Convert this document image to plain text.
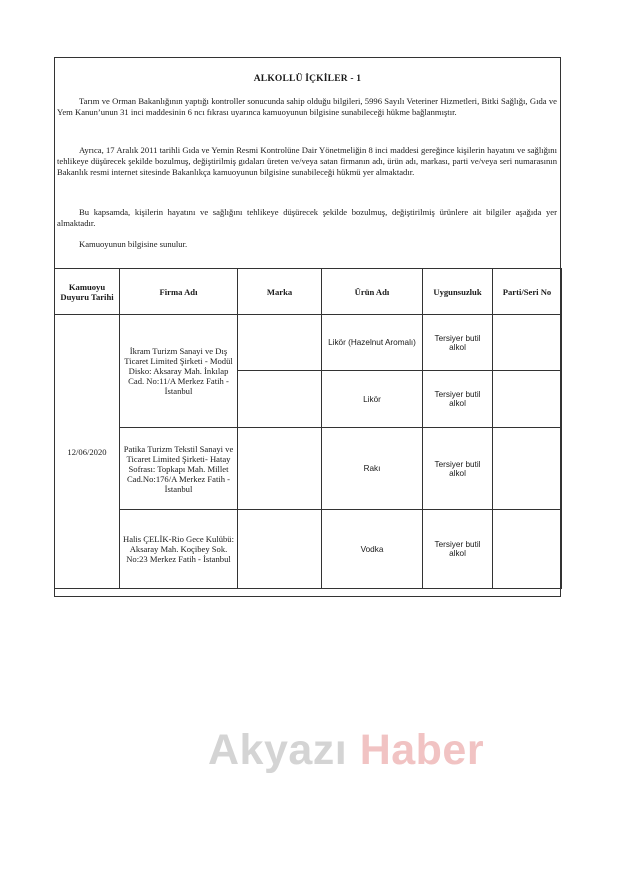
ALKOLLÜ İÇKİLER - 1

Tarım ve Orman Bakanlığının yaptığı kontroller sonucunda sahip olduğu bilgileri, 5996 Sayılı Veteriner Hizmetleri, Bitki Sağlığı, Gıda ve Yem Kanun’unun 31 inci maddesinin 6 ncı fıkrası uyarınca kamuoyunun bilgisine sunabileceği hükme bağlanmıştır.

Ayrıca, 17 Aralık 2011 tarihli Gıda ve Yemin Resmi Kontrolüne Dair Yönetmeliğin 8 inci maddesi gereğince kişilerin hayatını ve sağlığını tehlikeye düşürecek şekilde bozulmuş, değiştirilmiş gıdaları üreten ve/veya satan firmanın adı, ürün adı, markası, parti ve/veya seri numarasının Bakanlık resmi internet sitesinde Bakanlıkça kamuoyunun bilgisine sunabileceği hükmü yer almaktadır.

Bu kapsamda, kişilerin hayatını ve sağlığını tehlikeye düşürecek şekilde bozulmuş, değiştirilmiş ürünlere ait bilgiler aşağıda yer almaktadır.

Kamuoyunun bilgisine sunulur.

Kamuoyu Duyuru Tarihi	Firma Adı	Marka	Ürün Adı	Uygunsuzluk	Parti/Seri No
12/06/2020	İkram Turizm Sanayi ve Dış Ticaret Limited Şirketi - Modül Disko: Aksaray Mah. İnkılap Cad. No:11/A Merkez Fatih - İstanbul		Likör (Hazelnut Aromalı)	Tersiyer butil alkol	
			Likör	Tersiyer butil alkol	
	Patika Turizm Tekstil Sanayi ve Ticaret Limited Şirketi- Hatay Sofrası: Topkapı Mah. Millet Cad.No:176/A Merkez Fatih - İstanbul		Rakı	Tersiyer butil alkol	
	Halis ÇELİK-Rio Gece Kulübü: Aksaray Mah. Koçibey Sok. No:23 Merkez Fatih - İstanbul		Vodka	Tersiyer butil alkol	
Akyazı Haber
